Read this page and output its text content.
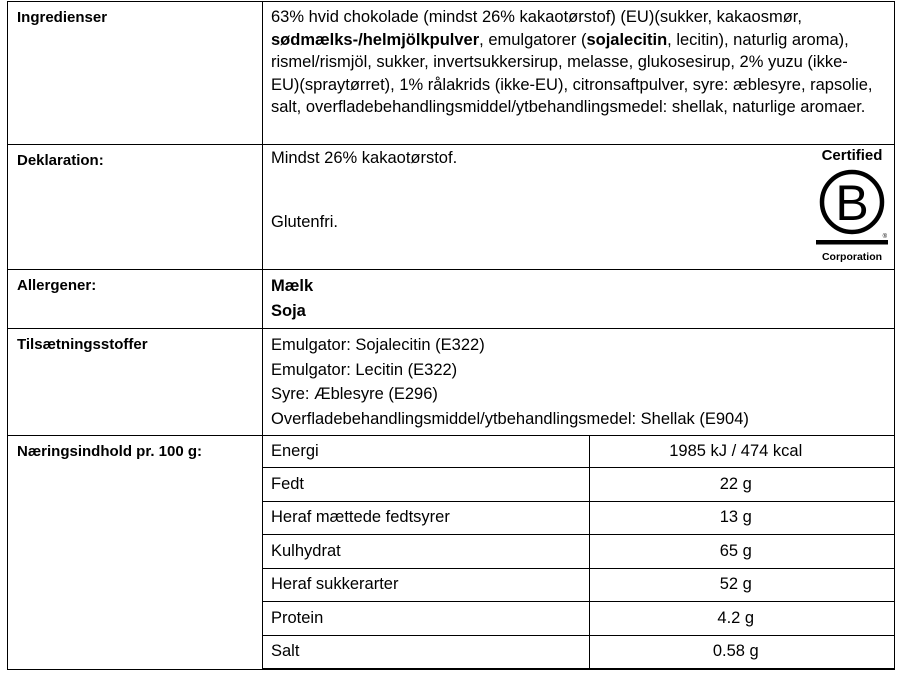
Ingredienser	63% hvid chokolade (mindst 26% kakaotørstof) (EU)(sukker, kakaosmør,

sødmælks-/helmjölkpulver, emulgatorer (sojalecitin, lecitin), naturlig aroma),

rismel/rismjöl, sukker, invertsukkersirup, melasse, glukosesirup, 2% yuzu (ikke-

EU)(spraytørret), 1% rålakrids (ikke-EU), citronsaftpulver, syre: æblesyre, rapsolie,

salt, overfladebehandlingsmiddel/ytbehandlingsmedel: shellak, naturlige aromaer.

Deklaration:	Mindst 26% kakaotørstof.
Glutenfri.
Certified
B
®
Corporation

Allergener:	Mælk

Soja

Tilsætningsstoffer	Emulgator: Sojalecitin (E322)

Emulgator: Lecitin (E322)

Syre: Æblesyre (E296)

Overfladebehandlingsmiddel/ytbehandlingsmedel: Shellak (E904)

Næringsindhold pr. 100 g:		Energi	1985 kJ / 474 kcal
Fedt	22 g
Heraf mættede fedtsyrer	13 g
Kulhydrat	65 g
Heraf sukkerarter	52 g
Protein	4.2 g
Salt	0.58 g
